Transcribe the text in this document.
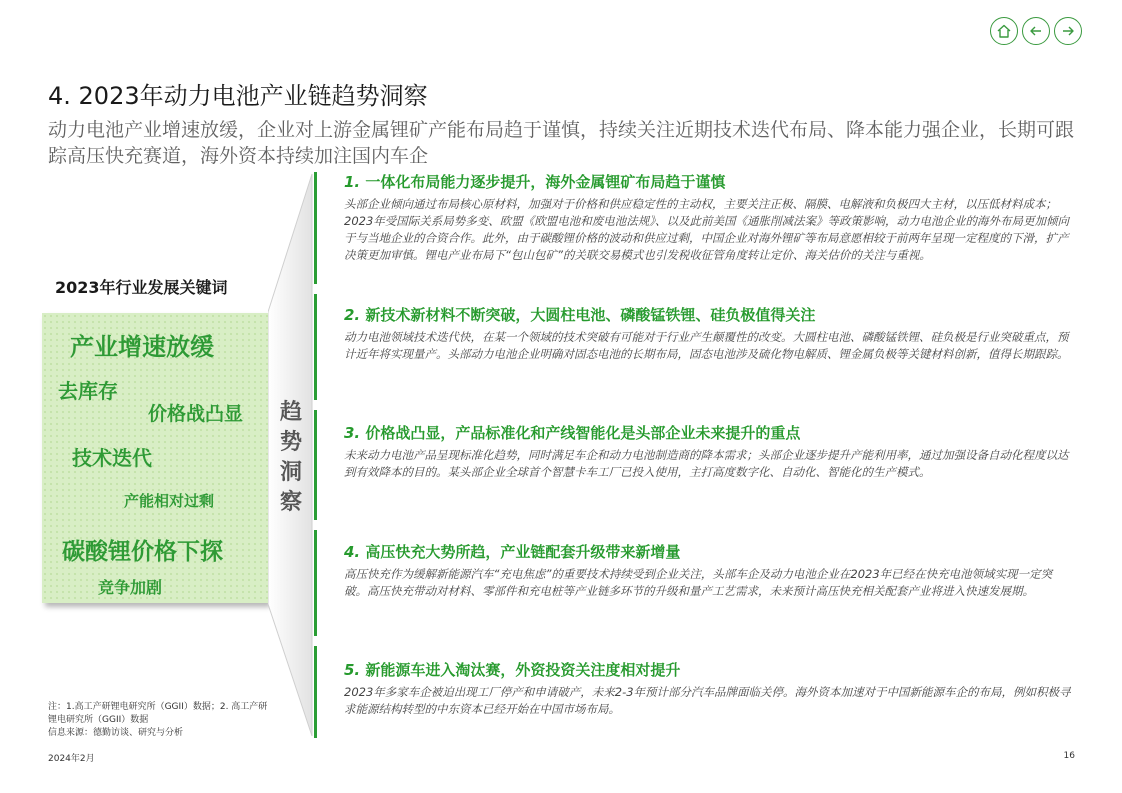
4. 2023年动力电池产业链趋势洞察
动力电池产业增速放缓，企业对上游金属锂矿产能布局趋于谨慎，持续关注近期技术迭代布局、降本能力强企业，长期可跟踪高压快充赛道，海外资本持续加注国内车企
2023年行业发展关键词
产业增速放缓
去库存
价格战凸显
技术迭代
产能相对过剩
碳酸锂价格下探
竞争加剧
趋
势
洞
察
1. 一体化布局能力逐步提升，海外金属锂矿布局趋于谨慎
头部企业倾向通过布局核心原材料，加强对于价格和供应稳定性的主动权，主要关注正极、隔膜、电解液和负极四大主材，以压低材料成本；2023年受国际关系局势多变、欧盟《欧盟电池和废电池法规》、以及此前美国《通胀削减法案》等政策影响，动力电池企业的海外布局更加倾向于与当地企业的合资合作。此外，由于碳酸锂价格的波动和供应过剩，中国企业对海外锂矿等布局意愿相较于前两年呈现一定程度的下滑，扩产决策更加审慎。锂电产业布局下“包山包矿”的关联交易模式也引发税收征管角度转让定价、海关估价的关注与重视。
2. 新技术新材料不断突破，大圆柱电池、磷酸锰铁锂、硅负极值得关注
动力电池领域技术迭代快，在某一个领域的技术突破有可能对于行业产生颠覆性的改变。大圆柱电池、磷酸锰铁锂、硅负极是行业突破重点，预计近年将实现量产。头部动力电池企业明确对固态电池的长期布局，固态电池涉及硫化物电解质、锂金属负极等关键材料创新，值得长期跟踪。
3. 价格战凸显，产品标准化和产线智能化是头部企业未来提升的重点
未来动力电池产品呈现标准化趋势，同时满足车企和动力电池制造商的降本需求；头部企业逐步提升产能利用率，通过加强设备自动化程度以达到有效降本的目的。某头部企业全球首个智慧卡车工厂已投入使用，主打高度数字化、自动化、智能化的生产模式。
4. 高压快充大势所趋，产业链配套升级带来新增量
高压快充作为缓解新能源汽车“充电焦虑”的重要技术持续受到企业关注，头部车企及动力电池企业在2023年已经在快充电池领域实现一定突破。高压快充带动对材料、零部件和充电桩等产业链多环节的升级和量产工艺需求，未来预计高压快充相关配套产业将进入快速发展期。
5. 新能源车进入淘汰赛，外资投资关注度相对提升
2023年多家车企被迫出现工厂停产和申请破产，未来2-3年预计部分汽车品牌面临关停。海外资本加速对于中国新能源车企的布局，例如积极寻求能源结构转型的中东资本已经开始在中国市场布局。
注：1.高工产研锂电研究所（GGII）数据；2. 高工产研锂电研究所（GGII）数据
信息来源：德勤访谈、研究与分析
2024年2月	16
